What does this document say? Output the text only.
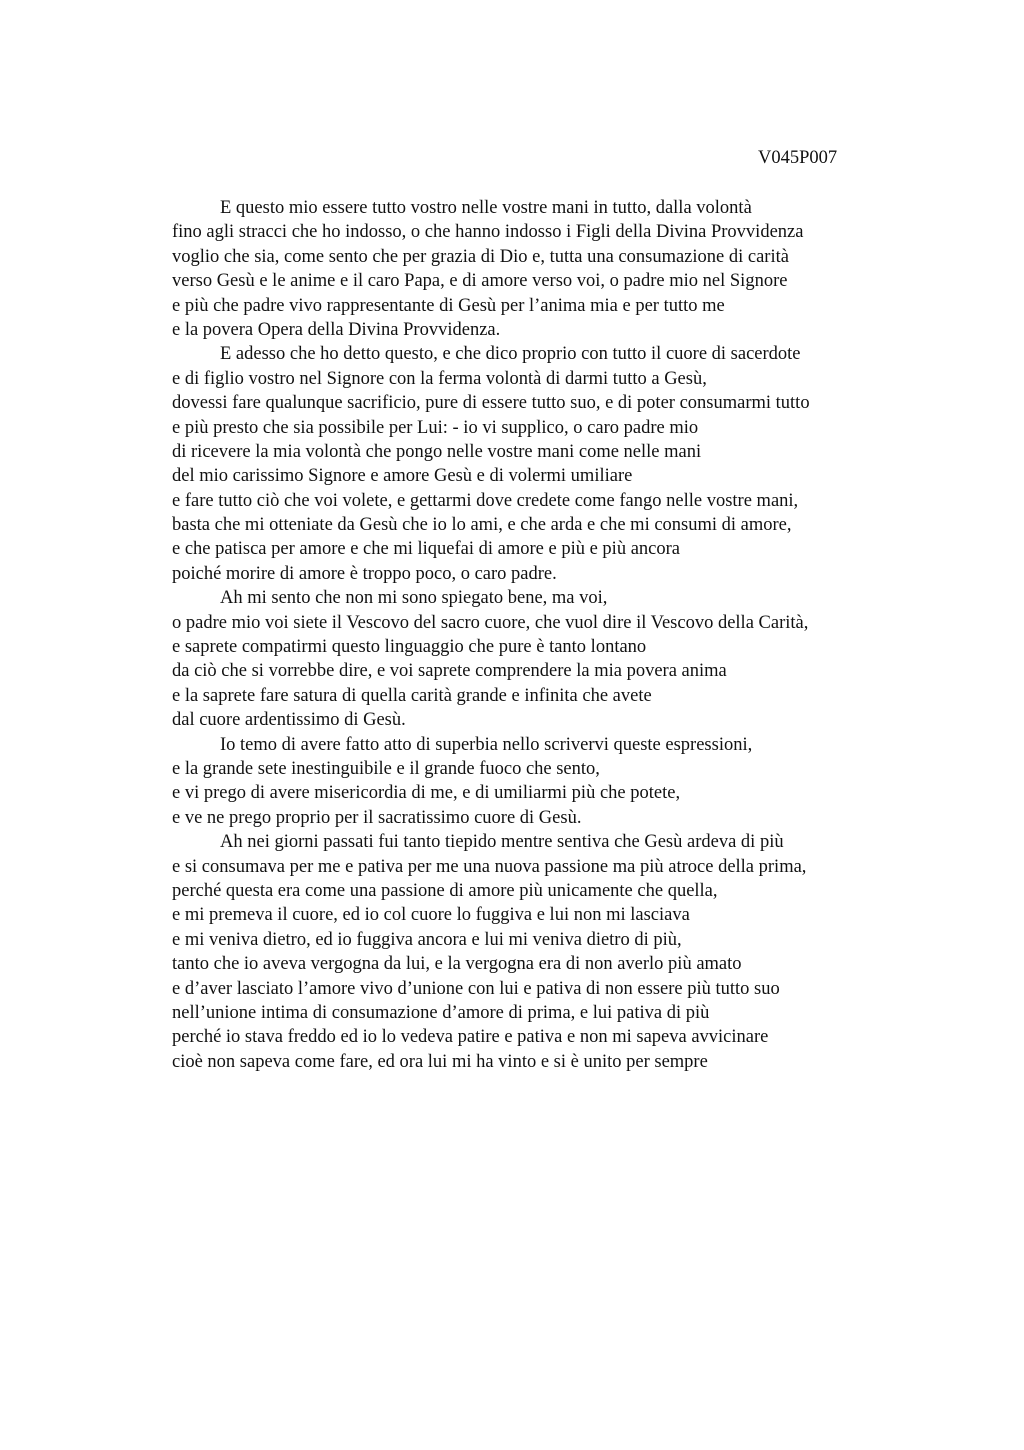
V045P007
E questo mio essere tutto vostro nelle vostre mani in tutto, dalla volontà
fino agli stracci che ho indosso, o che hanno indosso i Figli della Divina Provvidenza
voglio che sia, come sento che per grazia di Dio e, tutta una consumazione di carità
verso Gesù e le anime e il caro Papa, e di amore verso voi, o padre mio nel Signore
e più che padre vivo rappresentante di Gesù per l’anima mia e per tutto me
e la povera Opera della Divina Provvidenza.
E adesso che ho detto questo, e che dico proprio con tutto il cuore di sacerdote
e di figlio vostro nel Signore con la ferma volontà di darmi tutto a Gesù,
dovessi fare qualunque sacrificio, pure di essere tutto suo, e di poter consumarmi tutto
e più presto che sia possibile per Lui: - io vi supplico, o caro padre mio
di ricevere la mia volontà che pongo nelle vostre mani come nelle mani
del mio carissimo Signore e amore Gesù e di volermi umiliare
e fare tutto ciò che voi volete, e gettarmi dove credete come fango nelle vostre mani,
basta che mi otteniate da Gesù che io lo ami, e che arda e che mi consumi di amore,
e che patisca per amore e che mi liquefai di amore e più e più ancora
poiché morire di amore è troppo poco, o caro padre.
Ah mi sento che non mi sono spiegato bene, ma voi,
o padre mio voi siete il Vescovo del sacro cuore, che vuol dire il Vescovo della Carità,
e saprete compatirmi questo linguaggio che pure è tanto lontano
da ciò che si vorrebbe dire, e voi saprete comprendere la mia povera anima
e la saprete fare satura di quella carità grande e infinita che avete
dal cuore ardentissimo di Gesù.
Io temo di avere fatto atto di superbia nello scrivervi queste espressioni,
e la grande sete inestinguibile e il grande fuoco che sento,
e vi prego di avere misericordia di me, e di umiliarmi più che potete,
e ve ne prego proprio per il sacratissimo cuore di Gesù.
Ah nei giorni passati fui tanto tiepido mentre sentiva che Gesù ardeva di più
e si consumava per me e pativa per me una nuova passione ma più atroce della prima,
perché questa era come una passione di amore più unicamente che quella,
e mi premeva il cuore, ed io col cuore lo fuggiva e lui non mi lasciava
e mi veniva dietro, ed io fuggiva ancora e lui mi veniva dietro di più,
tanto che io aveva vergogna da lui, e la vergogna era di non averlo più amato
e d’aver lasciato l’amore vivo d’unione con lui e pativa di non essere più tutto suo
nell’unione intima di consumazione d’amore di prima, e lui pativa di più
perché io stava freddo ed io lo vedeva patire e pativa e non mi sapeva avvicinare
cioè non sapeva come fare, ed ora lui mi ha vinto e si è unito per sempre
